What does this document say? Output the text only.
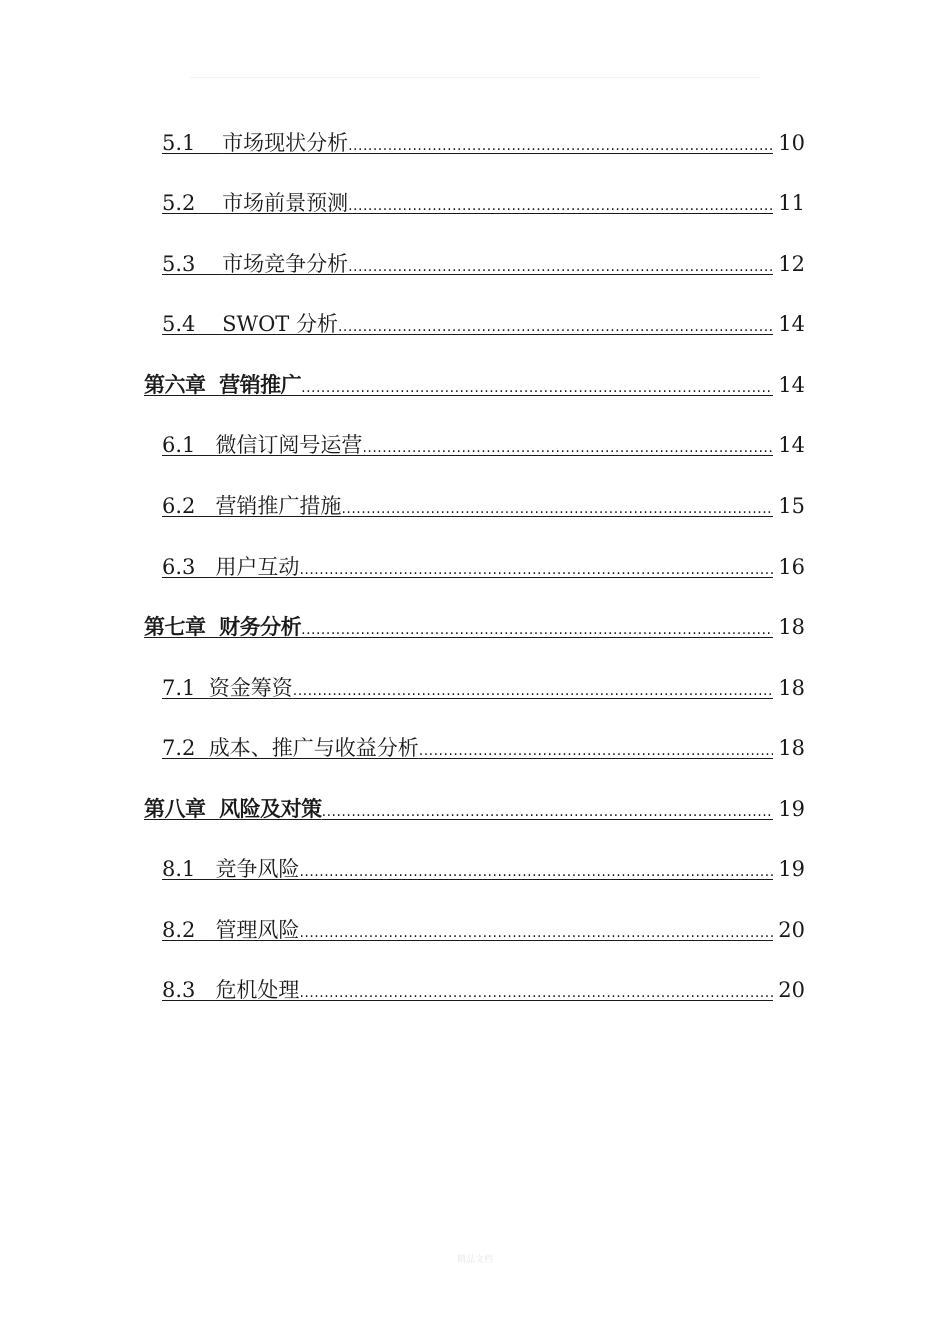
5.1 市场现状分析 .....	10
5.2 市场前景预测 .....	11
5.3 市场竞争分析 .....	12
5.4 SWOT 分析 .....	14
第六章 营销推广 .....	14
6.1 微信订阅号运营 .....	14
6.2 营销推广措施 .....	15
6.3 用户互动 .....	16
第七章 财务分析 .....	18
7.1 资金筹资 .....	18
7.2 成本、推广与收益分析 .....	18
第八章 风险及对策 .....	19
8.1 竞争风险 .....	19
8.2 管理风险 .....	20
8.3 危机处理 .....	20
精品文档
